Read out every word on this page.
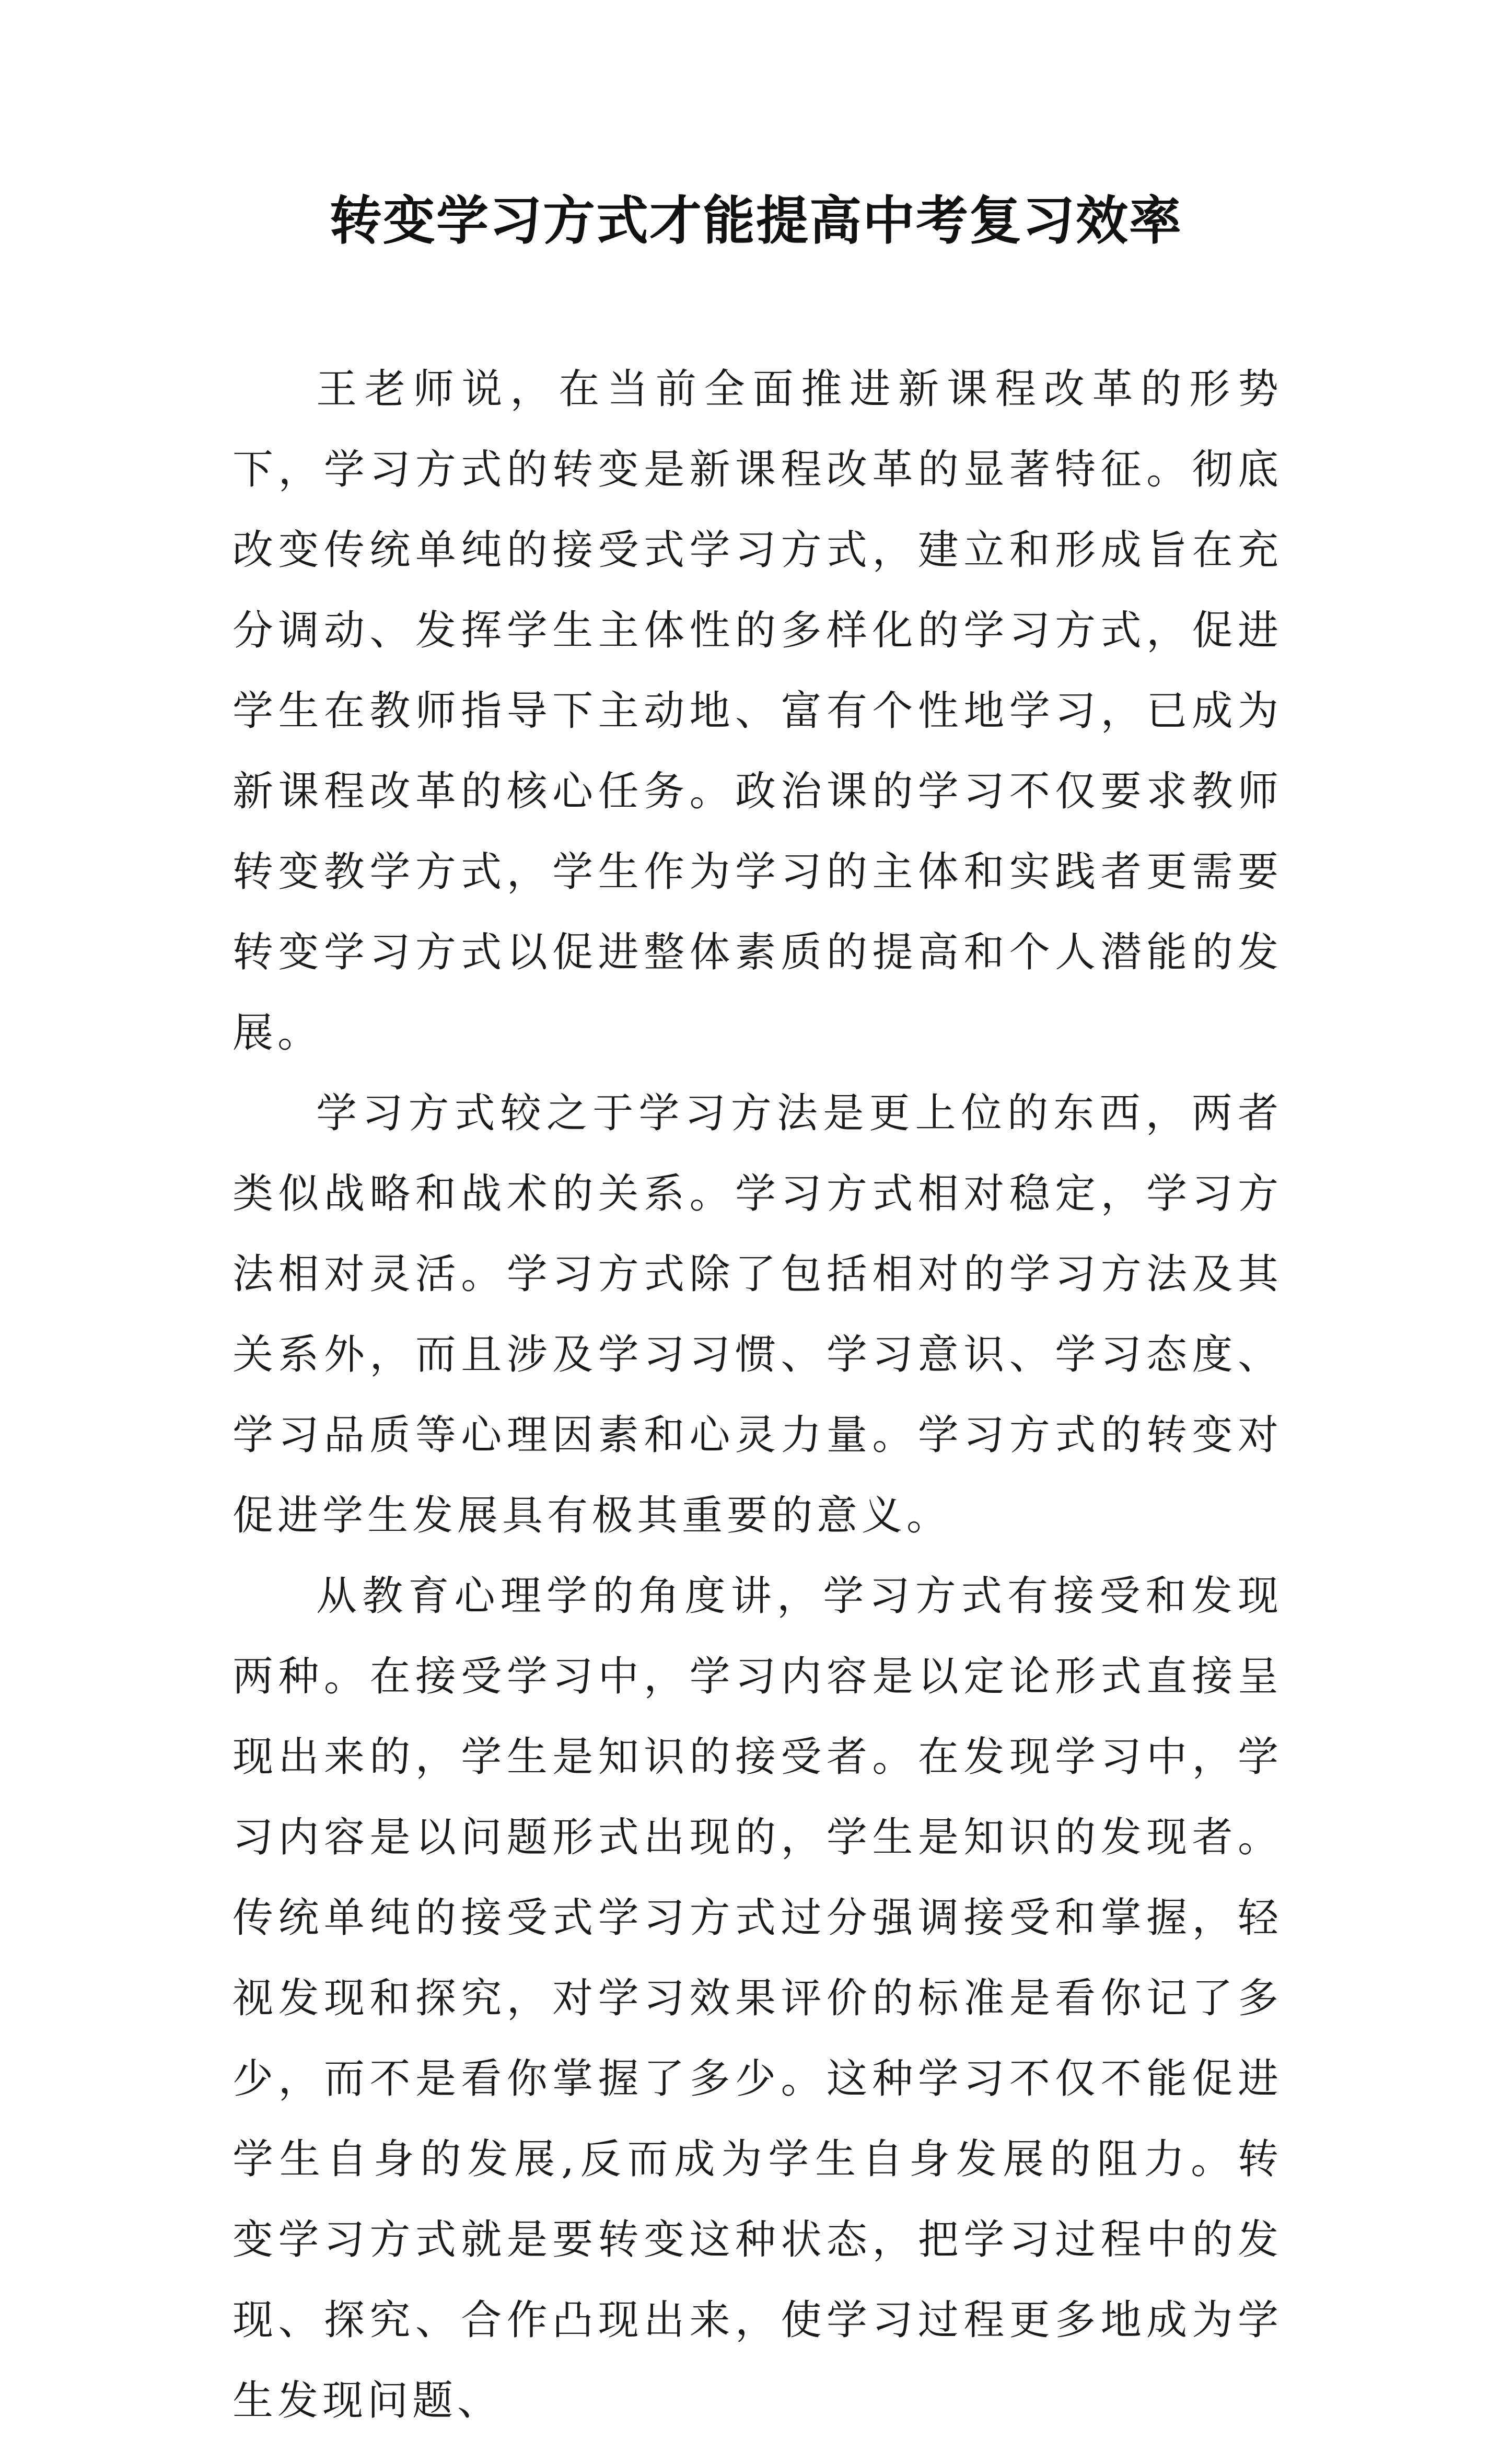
转变学习方式才能提高中考复习效率

王老师说，在当前全面推进新课程改革的形势下，学习方式的转变是新课程改革的显著特征。彻底改变传统单纯的接受式学习方式，建立和形成旨在充分调动、发挥学生主体性的多样化的学习方式，促进学生在教师指导下主动地、富有个性地学习，已成为新课程改革的核心任务。政治课的学习不仅要求教师转变教学方式，学生作为学习的主体和实践者更需要转变学习方式以促进整体素质的提高和个人潜能的发展。

学习方式较之于学习方法是更上位的东西，两者类似战略和战术的关系。学习方式相对稳定，学习方法相对灵活。学习方式除了包括相对的学习方法及其关系外，而且涉及学习习惯、学习意识、学习态度、学习品质等心理因素和心灵力量。学习方式的转变对促进学生发展具有极其重要的意义。

从教育心理学的角度讲，学习方式有接受和发现两种。在接受学习中，学习内容是以定论形式直接呈现出来的，学生是知识的接受者。在发现学习中，学习内容是以问题形式出现的，学生是知识的发现者。传统单纯的接受式学习方式过分强调接受和掌握，轻视发现和探究，对学习效果评价的标准是看你记了多少，而不是看你掌握了多少。这种学习不仅不能促进学生自身的发展,反而成为学生自身发展的阻力。转变学习方式就是要转变这种状态，把学习过程中的发现、探究、合作凸现出来，使学习过程更多地成为学生发现问题、
